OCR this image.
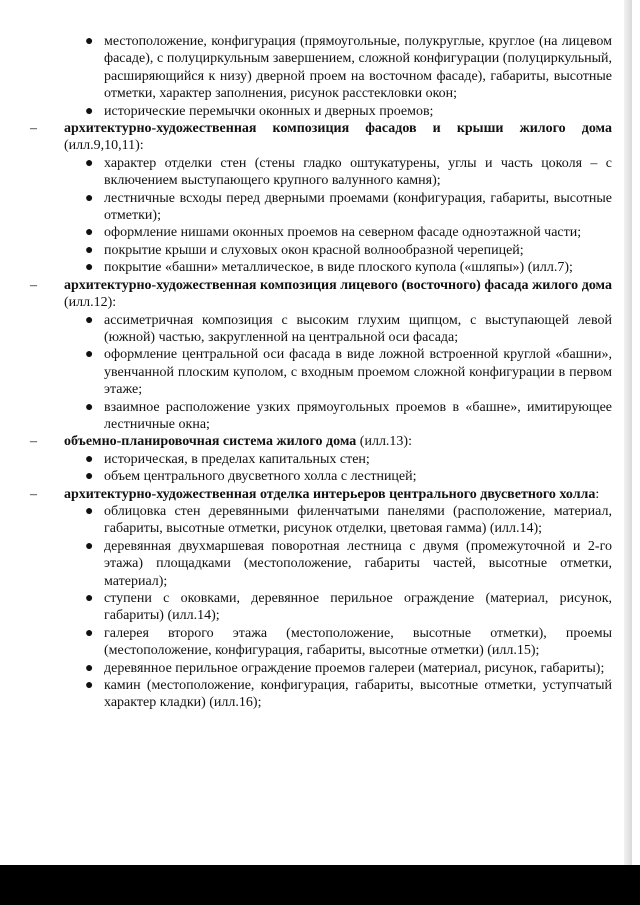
● местоположение, конфигурация (прямоугольные, полукруглые, круглое (на лицевом фасаде), с полуциркульным завершением, сложной конфигурации (полуциркульный, расширяющийся к низу) дверной проем на восточном фасаде), габариты, высотные отметки, характер заполнения, рисунок расстекловки окон;
● исторические перемычки оконных и дверных проемов;
– архитектурно-художественная композиция фасадов и крыши жилого дома (илл.9,10,11):
● характер отделки стен (стены гладко оштукатурены, углы и часть цоколя – с включением выступающего крупного валунного камня);
● лестничные всходы перед дверными проемами (конфигурация, габариты, высотные отметки);
● оформление нишами оконных проемов на северном фасаде одноэтажной части;
● покрытие крыши и слуховых окон красной волнообразной черепицей;
● покрытие «башни» металлическое, в виде плоского купола («шляпы») (илл.7);
– архитектурно-художественная композиция лицевого (восточного) фасада жилого дома (илл.12):
● ассиметричная композиция с высоким глухим щипцом, с выступающей левой (южной) частью, закругленной на центральной оси фасада;
● оформление центральной оси фасада в виде ложной встроенной круглой «башни», увенчанной плоским куполом, с входным проемом сложной конфигурации в первом этаже;
● взаимное расположение узких прямоугольных проемов в «башне», имитирующее лестничные окна;
– объемно-планировочная система жилого дома (илл.13):
● историческая, в пределах капитальных стен;
● объем центрального двусветного холла с лестницей;
– архитектурно-художественная отделка интерьеров центрального двусветного холла:
● облицовка стен деревянными филенчатыми панелями (расположение, материал, габариты, высотные отметки, рисунок отделки, цветовая гамма) (илл.14);
● деревянная двухмаршевая поворотная лестница с двумя (промежуточной и 2-го этажа) площадками (местоположение, габариты частей, высотные отметки, материал);
● ступени с оковками, деревянное перильное ограждение (материал, рисунок, габариты) (илл.14);
● галерея второго этажа (местоположение, высотные отметки), проемы (местоположение, конфигурация, габариты, высотные отметки) (илл.15);
● деревянное перильное ограждение проемов галереи (материал, рисунок, габариты);
● камин (местоположение, конфигурация, габариты, высотные отметки, уступчатый характер кладки) (илл.16);
